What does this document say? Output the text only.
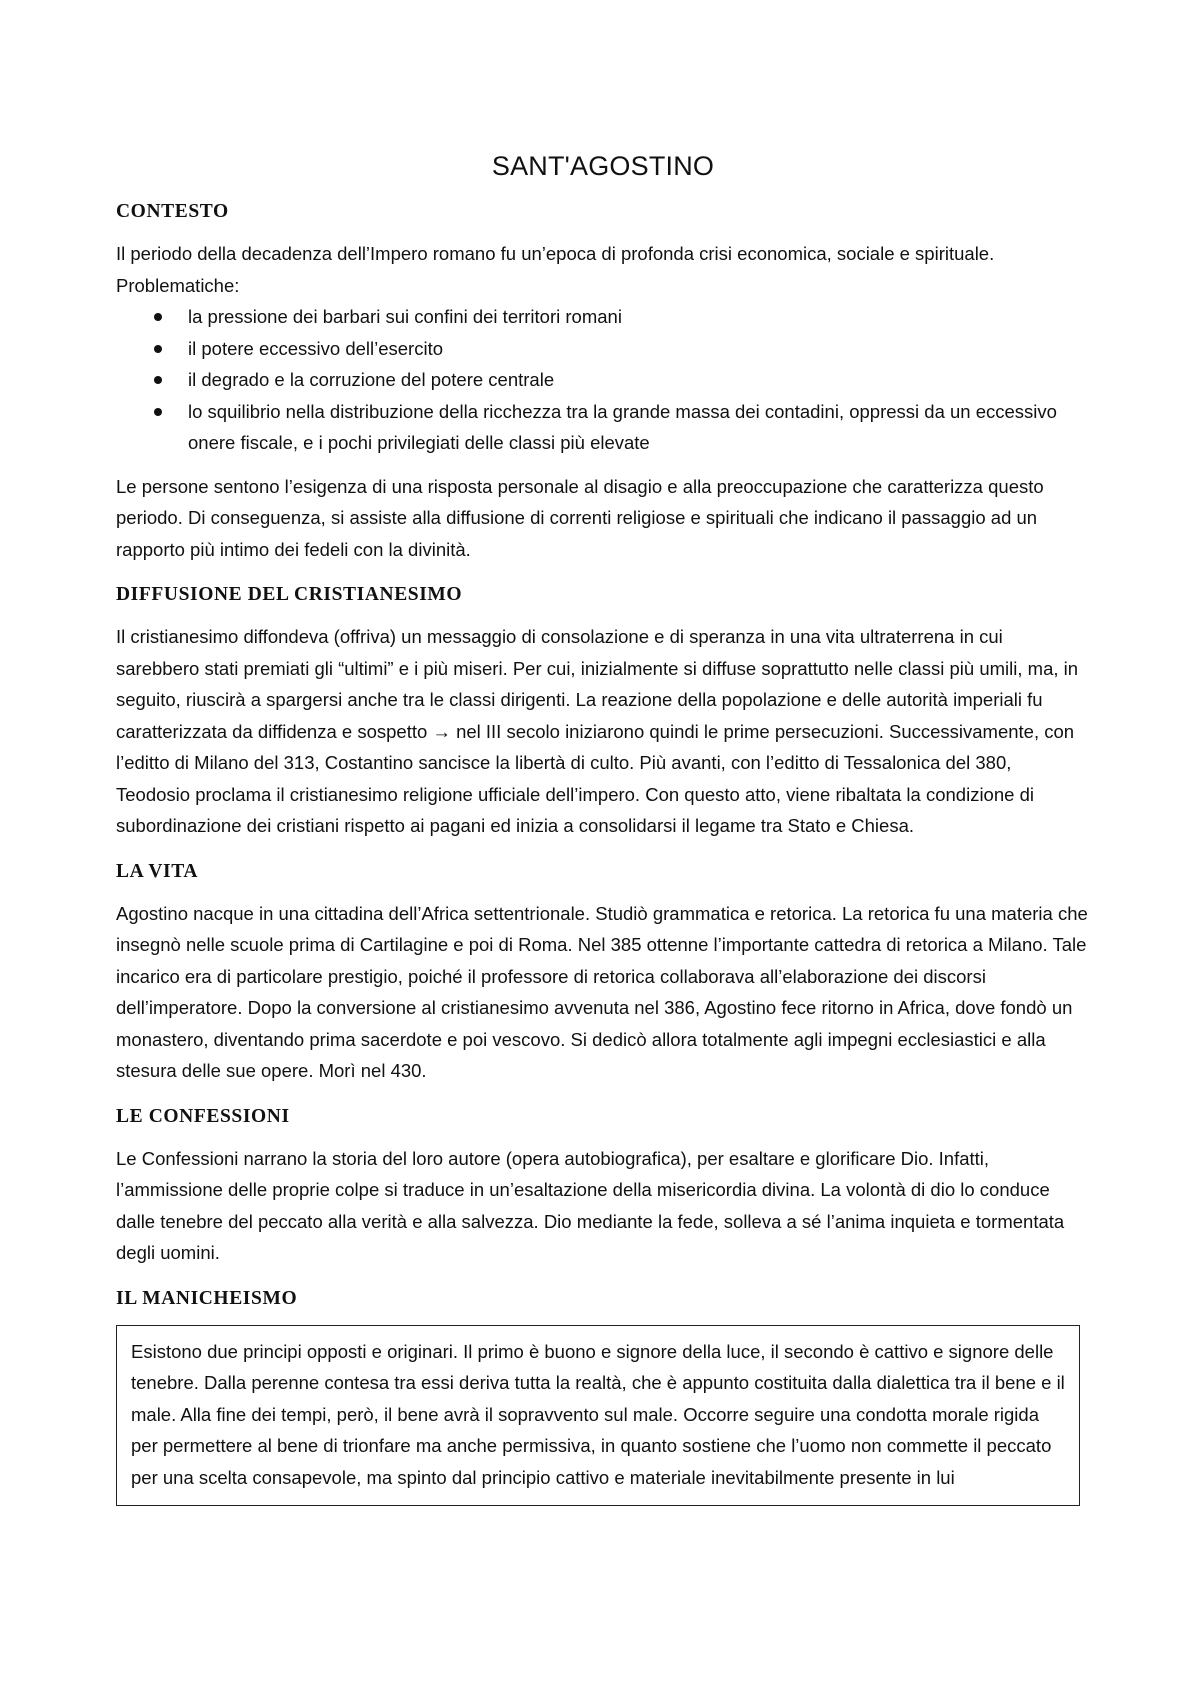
SANT'AGOSTINO
CONTESTO

Il periodo della decadenza dell’Impero romano fu un’epoca di profonda crisi economica, sociale e spirituale.
Problematiche:

la pressione dei barbari sui confini dei territori romani
il potere eccessivo dell’esercito
il degrado e la corruzione del potere centrale
lo squilibrio nella distribuzione della ricchezza tra la grande massa dei contadini, oppressi da un eccessivo onere fiscale, e i pochi privilegiati delle classi più elevate

Le persone sentono l’esigenza di una risposta personale al disagio e alla preoccupazione che caratterizza questo periodo. Di conseguenza, si assiste alla diffusione di correnti religiose e spirituali che indicano il passaggio ad un rapporto più intimo dei fedeli con la divinità.

DIFFUSIONE DEL CRISTIANESIMO

Il cristianesimo diffondeva (offriva) un messaggio di consolazione e di speranza in una vita ultraterrena in cui sarebbero stati premiati gli “ultimi” e i più miseri. Per cui, inizialmente si diffuse soprattutto nelle classi più umili, ma, in seguito, riuscirà a spargersi anche tra le classi dirigenti. La reazione della popolazione e delle autorità imperiali fu caratterizzata da diffidenza e sospetto → nel III secolo iniziarono quindi le prime persecuzioni. Successivamente, con l’editto di Milano del 313, Costantino sancisce la libertà di culto. Più avanti, con l’editto di Tessalonica del 380, Teodosio proclama il cristianesimo religione ufficiale dell’impero. Con questo atto, viene ribaltata la condizione di subordinazione dei cristiani rispetto ai pagani ed inizia a consolidarsi il legame tra Stato e Chiesa.

LA VITA

Agostino nacque in una cittadina dell’Africa settentrionale. Studiò grammatica e retorica. La retorica fu una materia che insegnò nelle scuole prima di Cartilagine e poi di Roma. Nel 385 ottenne l’importante cattedra di retorica a Milano. Tale incarico era di particolare prestigio, poiché il professore di retorica collaborava all’elaborazione dei discorsi dell’imperatore. Dopo la conversione al cristianesimo avvenuta nel 386, Agostino fece ritorno in Africa, dove fondò un monastero, diventando prima sacerdote e poi vescovo. Si dedicò allora totalmente agli impegni ecclesiastici e alla stesura delle sue opere. Morì nel 430.

LE CONFESSIONI

Le Confessioni narrano la storia del loro autore (opera autobiografica), per esaltare e glorificare Dio. Infatti, l’ammissione delle proprie colpe si traduce in un’esaltazione della misericordia divina. La volontà di dio lo conduce dalle tenebre del peccato alla verità e alla salvezza. Dio mediante la fede, solleva a sé l’anima inquieta e tormentata degli uomini.

IL MANICHEISMO
Esistono due principi opposti e originari. Il primo è buono e signore della luce, il secondo è cattivo e signore delle tenebre. Dalla perenne contesa tra essi deriva tutta la realtà, che è appunto costituita dalla dialettica tra il bene e il male. Alla fine dei tempi, però, il bene avrà il sopravvento sul male. Occorre seguire una condotta morale rigida per permettere al bene di trionfare ma anche permissiva, in quanto sostiene che l’uomo non commette il peccato per una scelta consapevole, ma spinto dal principio cattivo e materiale inevitabilmente presente in lui
